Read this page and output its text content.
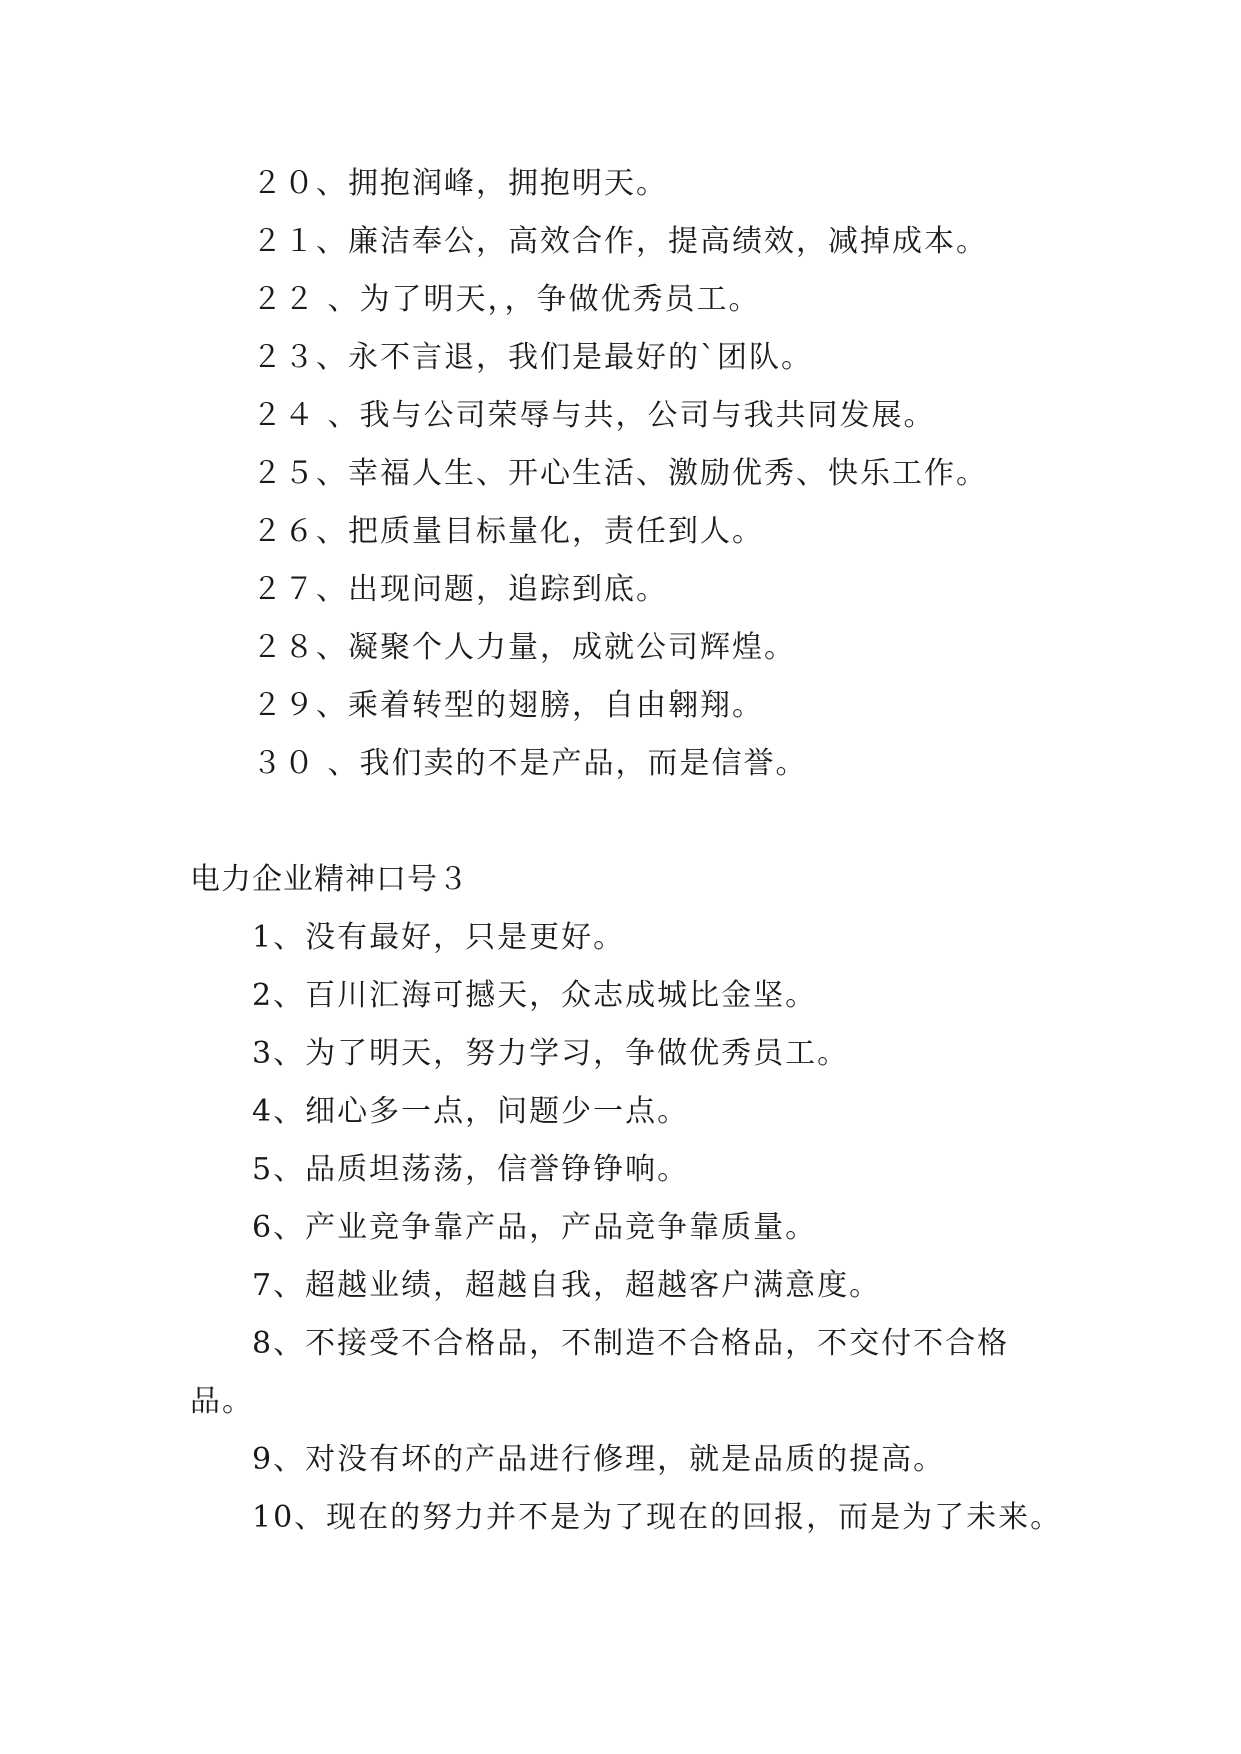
２０、拥抱润峰，拥抱明天。
２１、廉洁奉公，高效合作，提高绩效，减掉成本。
２２ 、为了明天，，争做优秀员工。
２３、永不言退，我们是最好的`团队。
２４ 、我与公司荣辱与共，公司与我共同发展。
２５、幸福人生、开心生活、激励优秀、快乐工作。
２６、把质量目标量化，责任到人。
２７、出现问题，追踪到底。
２８、凝聚个人力量，成就公司辉煌。
２９、乘着转型的翅膀，自由翱翔。
３０ 、我们卖的不是产品，而是信誉。
电力企业精神口号３
1、没有最好，只是更好。
2、百川汇海可撼天，众志成城比金坚。
3、为了明天，努力学习，争做优秀员工。
4、细心多一点，问题少一点。
5、品质坦荡荡，信誉铮铮响。
6、产业竞争靠产品，产品竞争靠质量。
7、超越业绩，超越自我，超越客户满意度。
8、不接受不合格品，不制造不合格品，不交付不合格
品。
9、对没有坏的产品进行修理，就是品质的提高。
10、现在的努力并不是为了现在的回报，而是为了未来。
